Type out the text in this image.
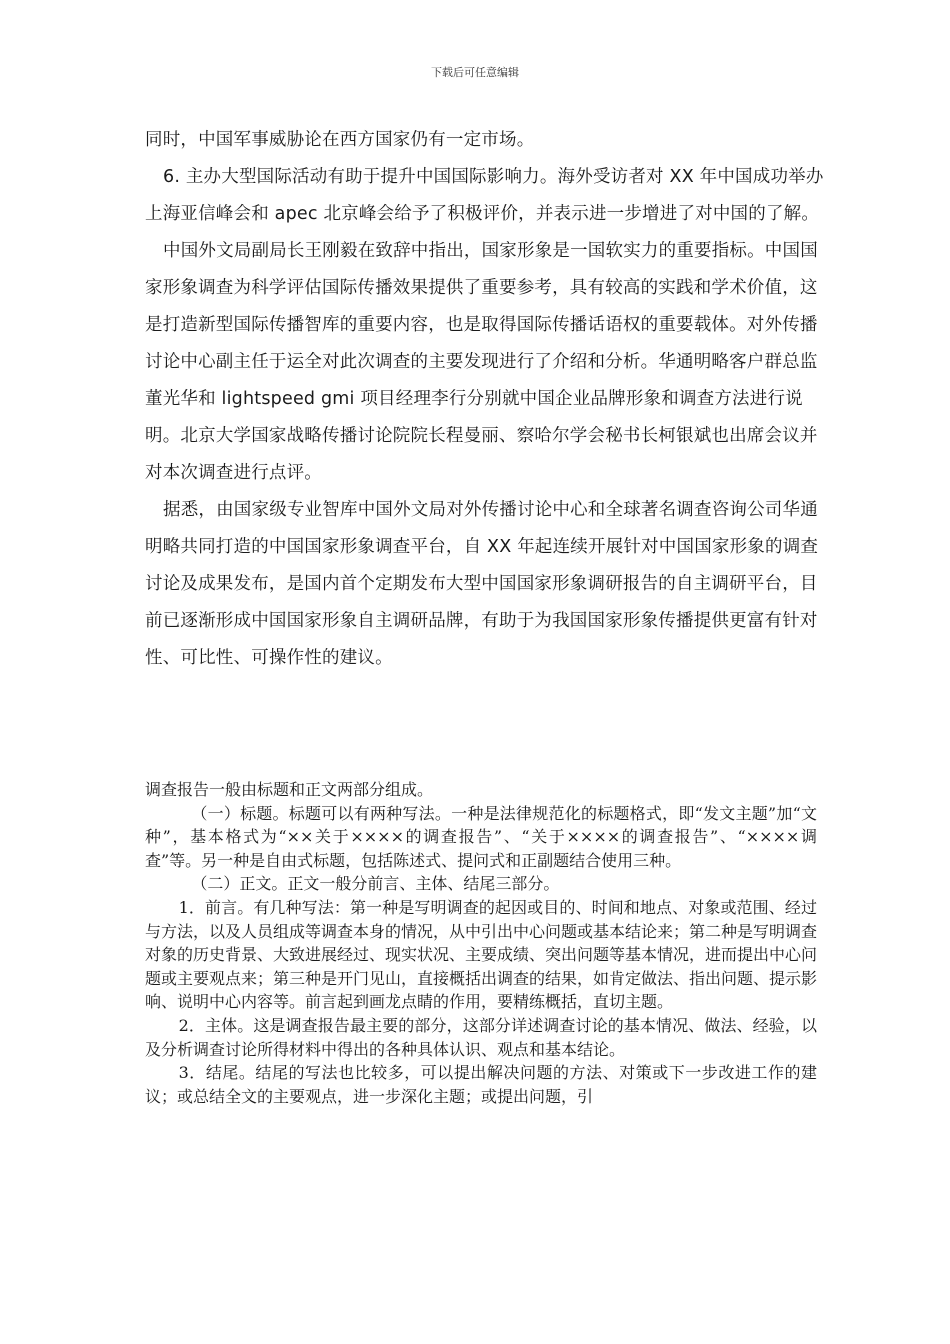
下载后可任意编辑

同时，中国军事威胁论在西方国家仍有一定市场。

6. 主办大型国际活动有助于提升中国国际影响力。海外受访者对 XX 年中国成功举办上海亚信峰会和 apec 北京峰会给予了积极评价，并表示进一步增进了对中国的了解。

中国外文局副局长王刚毅在致辞中指出，国家形象是一国软实力的重要指标。中国国家形象调查为科学评估国际传播效果提供了重要参考，具有较高的实践和学术价值，这是打造新型国际传播智库的重要内容，也是取得国际传播话语权的重要载体。对外传播讨论中心副主任于运全对此次调查的主要发现进行了介绍和分析。华通明略客户群总监董光华和 lightspeed gmi 项目经理李行分别就中国企业品牌形象和调查方法进行说明。北京大学国家战略传播讨论院院长程曼丽、察哈尔学会秘书长柯银斌也出席会议并对本次调查进行点评。

据悉，由国家级专业智库中国外文局对外传播讨论中心和全球著名调查咨询公司华通明略共同打造的中国国家形象调查平台，自 XX 年起连续开展针对中国国家形象的调查讨论及成果发布，是国内首个定期发布大型中国国家形象调研报告的自主调研平台，目前已逐渐形成中国国家形象自主调研品牌，有助于为我国国家形象传播提供更富有针对性、可比性、可操作性的建议。

调查报告一般由标题和正文两部分组成。

（一）标题。标题可以有两种写法。一种是法律规范化的标题格式，即“发文主题”加“文种”，基本格式为“××关于××××的调查报告”、“关于××××的调查报告”、“××××调查”等。另一种是自由式标题，包括陈述式、提问式和正副题结合使用三种。

（二）正文。正文一般分前言、主体、结尾三部分。

1．前言。有几种写法：第一种是写明调查的起因或目的、时间和地点、对象或范围、经过与方法，以及人员组成等调查本身的情况，从中引出中心问题或基本结论来；第二种是写明调查对象的历史背景、大致进展经过、现实状况、主要成绩、突出问题等基本情况，进而提出中心问题或主要观点来；第三种是开门见山，直接概括出调查的结果，如肯定做法、指出问题、提示影响、说明中心内容等。前言起到画龙点睛的作用，要精练概括，直切主题。

2．主体。这是调查报告最主要的部分，这部分详述调查讨论的基本情况、做法、经验，以及分析调查讨论所得材料中得出的各种具体认识、观点和基本结论。

3．结尾。结尾的写法也比较多，可以提出解决问题的方法、对策或下一步改进工作的建议；或总结全文的主要观点，进一步深化主题；或提出问题，引
